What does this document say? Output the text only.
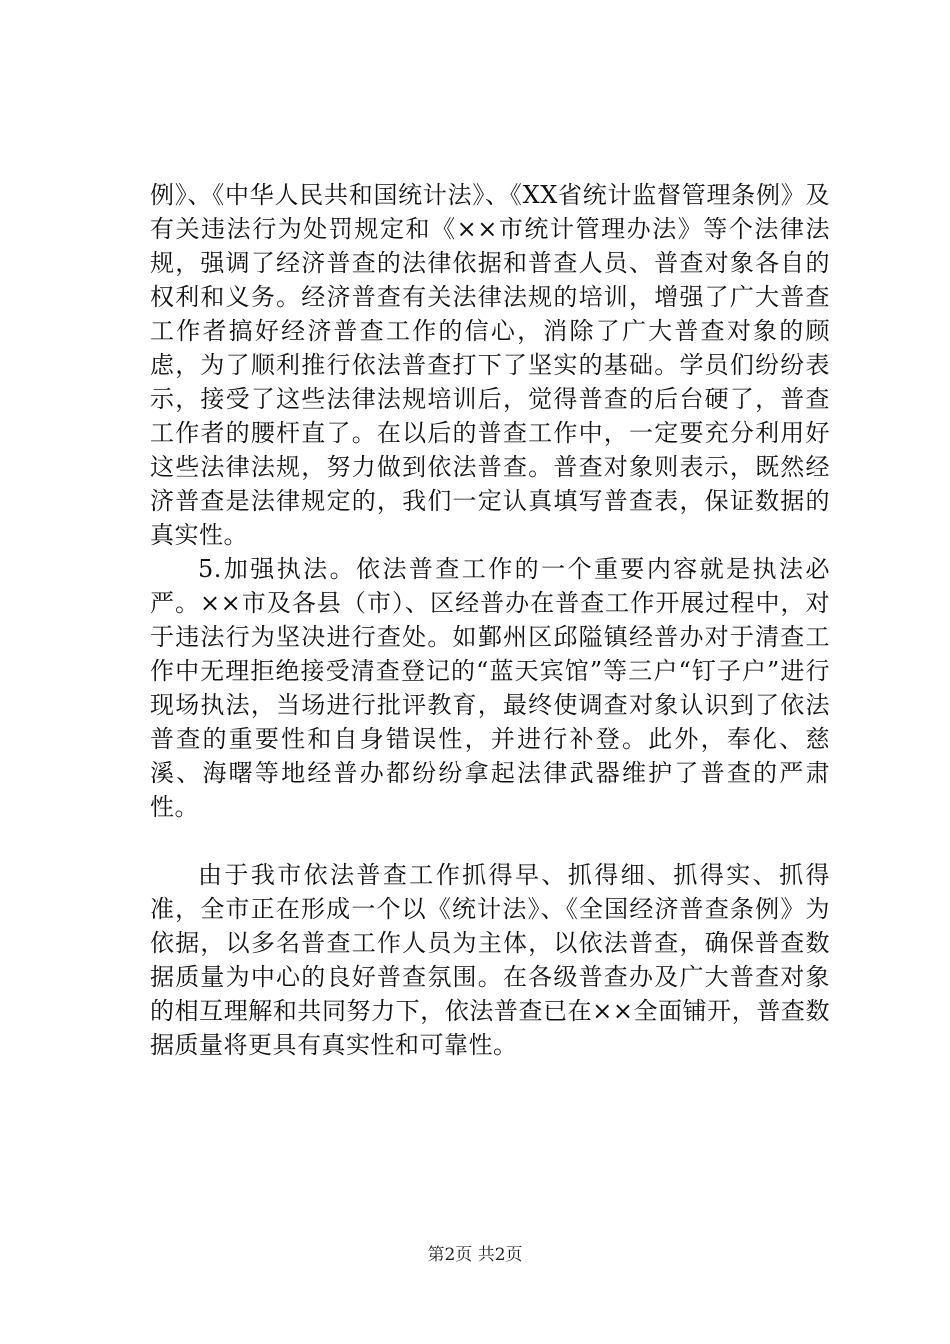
例》、《中华人民共和国统计法》、《XX省统计监督管理条例》及有关违法行为处罚规定和《××市统计管理办法》等个法律法规，强调了经济普查的法律依据和普查人员、普查对象各自的权利和义务。经济普查有关法律法规的培训，增强了广大普查工作者搞好经济普查工作的信心，消除了广大普查对象的顾虑，为了顺利推行依法普查打下了坚实的基础。学员们纷纷表示，接受了这些法律法规培训后，觉得普查的后台硬了，普查工作者的腰杆直了。在以后的普查工作中，一定要充分利用好这些法律法规，努力做到依法普查。普查对象则表示，既然经济普查是法律规定的，我们一定认真填写普查表，保证数据的真实性。

5.加强执法。依法普查工作的一个重要内容就是执法必严。××市及各县（市）、区经普办在普查工作开展过程中，对于违法行为坚决进行查处。如鄞州区邱隘镇经普办对于清查工作中无理拒绝接受清查登记的“蓝天宾馆”等三户“钉子户”进行现场执法，当场进行批评教育，最终使调查对象认识到了依法普查的重要性和自身错误性，并进行补登。此外，奉化、慈溪、海曙等地经普办都纷纷拿起法律武器维护了普查的严肃性。

由于我市依法普查工作抓得早、抓得细、抓得实、抓得准，全市正在形成一个以《统计法》、《全国经济普查条例》为依据，以多名普查工作人员为主体，以依法普查，确保普查数据质量为中心的良好普查氛围。在各级普查办及广大普查对象的相互理解和共同努力下，依法普查已在××全面铺开，普查数据质量将更具有真实性和可靠性。

第2页 共2页
